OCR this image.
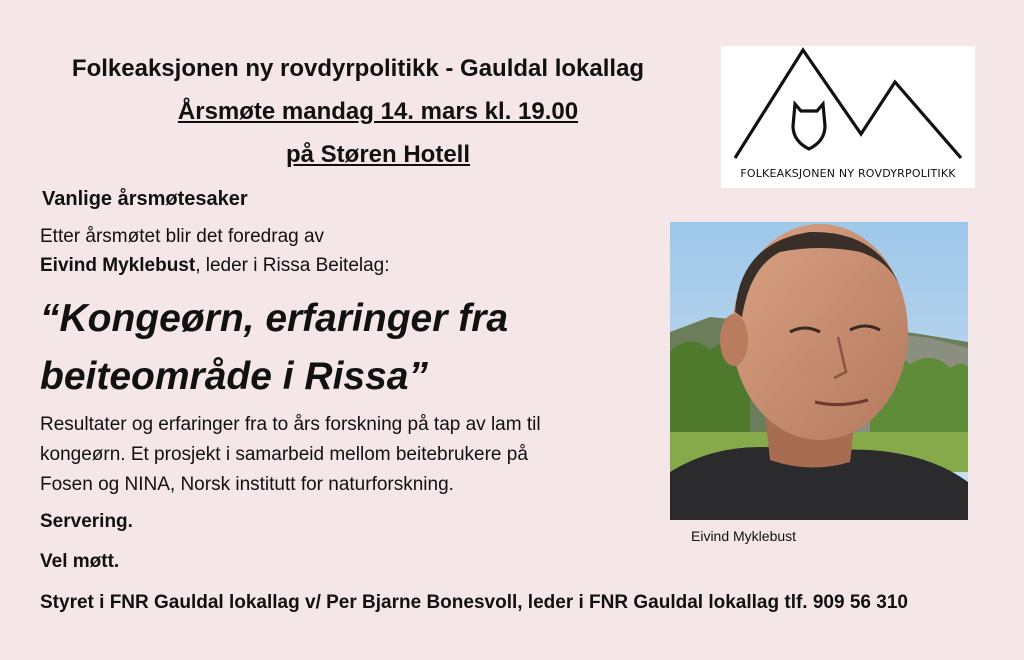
Folkeaksjonen ny rovdyrpolitikk - Gauldal lokallag
Årsmøte mandag 14. mars kl. 19.00
på Støren Hotell
FOLKEAKSJONEN NY ROVDYRPOLITIKK
Vanlige årsmøtesaker
Etter årsmøtet blir det foredrag av
Eivind Myklebust, leder i Rissa Beitelag:
“Kongeørn, erfaringer fra
beiteområde i Rissa”
Resultater og erfaringer fra to års forskning på tap av lam til
kongeørn. Et prosjekt i samarbeid mellom beitebrukere på
Fosen og NINA, Norsk institutt for naturforskning.
Servering.
Vel møtt.
Eivind Myklebust
Styret i FNR Gauldal lokallag v/ Per Bjarne Bonesvoll, leder i FNR Gauldal lokallag tlf. 909 56 310
